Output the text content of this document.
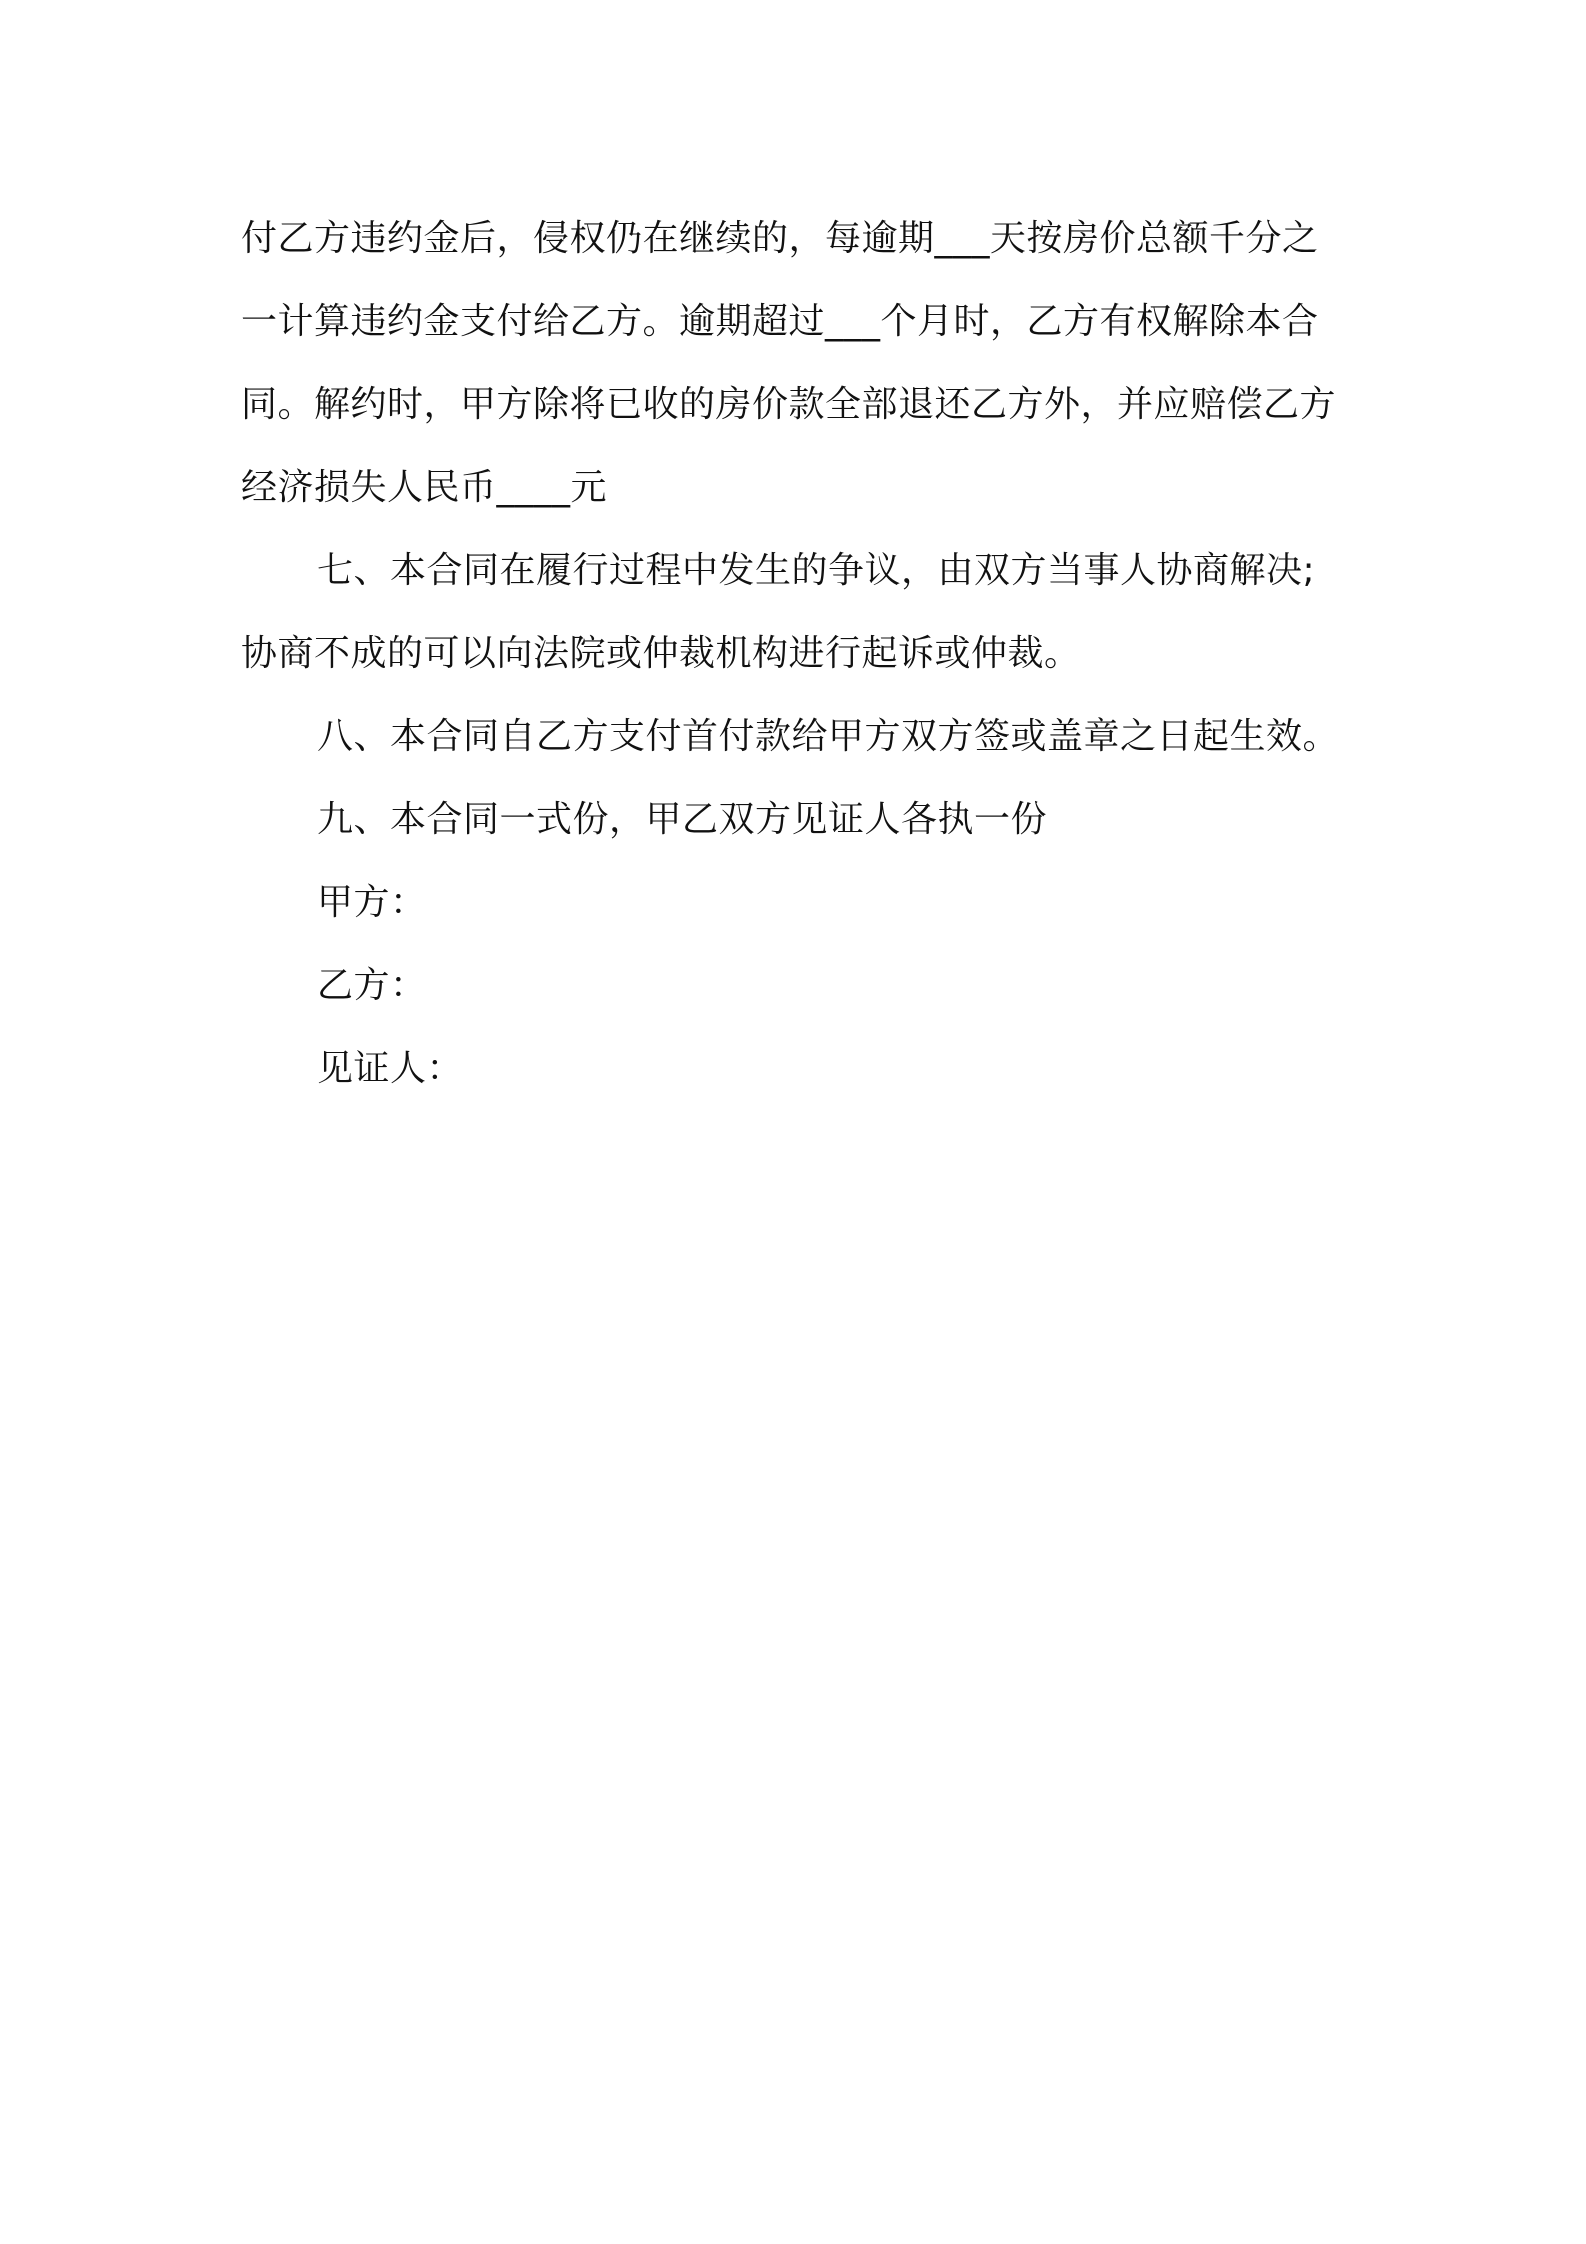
付乙方违约金后，侵权仍在继续的，每逾期___天按房价总额千分之
一计算违约金支付给乙方。逾期超过___个月时，乙方有权解除本合
同。解约时，甲方除将已收的房价款全部退还乙方外，并应赔偿乙方
经济损失人民币____元
七、本合同在履行过程中发生的争议，由双方当事人协商解决;
协商不成的可以向法院或仲裁机构进行起诉或仲裁。
八、本合同自乙方支付首付款给甲方双方签或盖章之日起生效。
九、本合同一式份，甲乙双方见证人各执一份
甲方：
乙方：
见证人：
